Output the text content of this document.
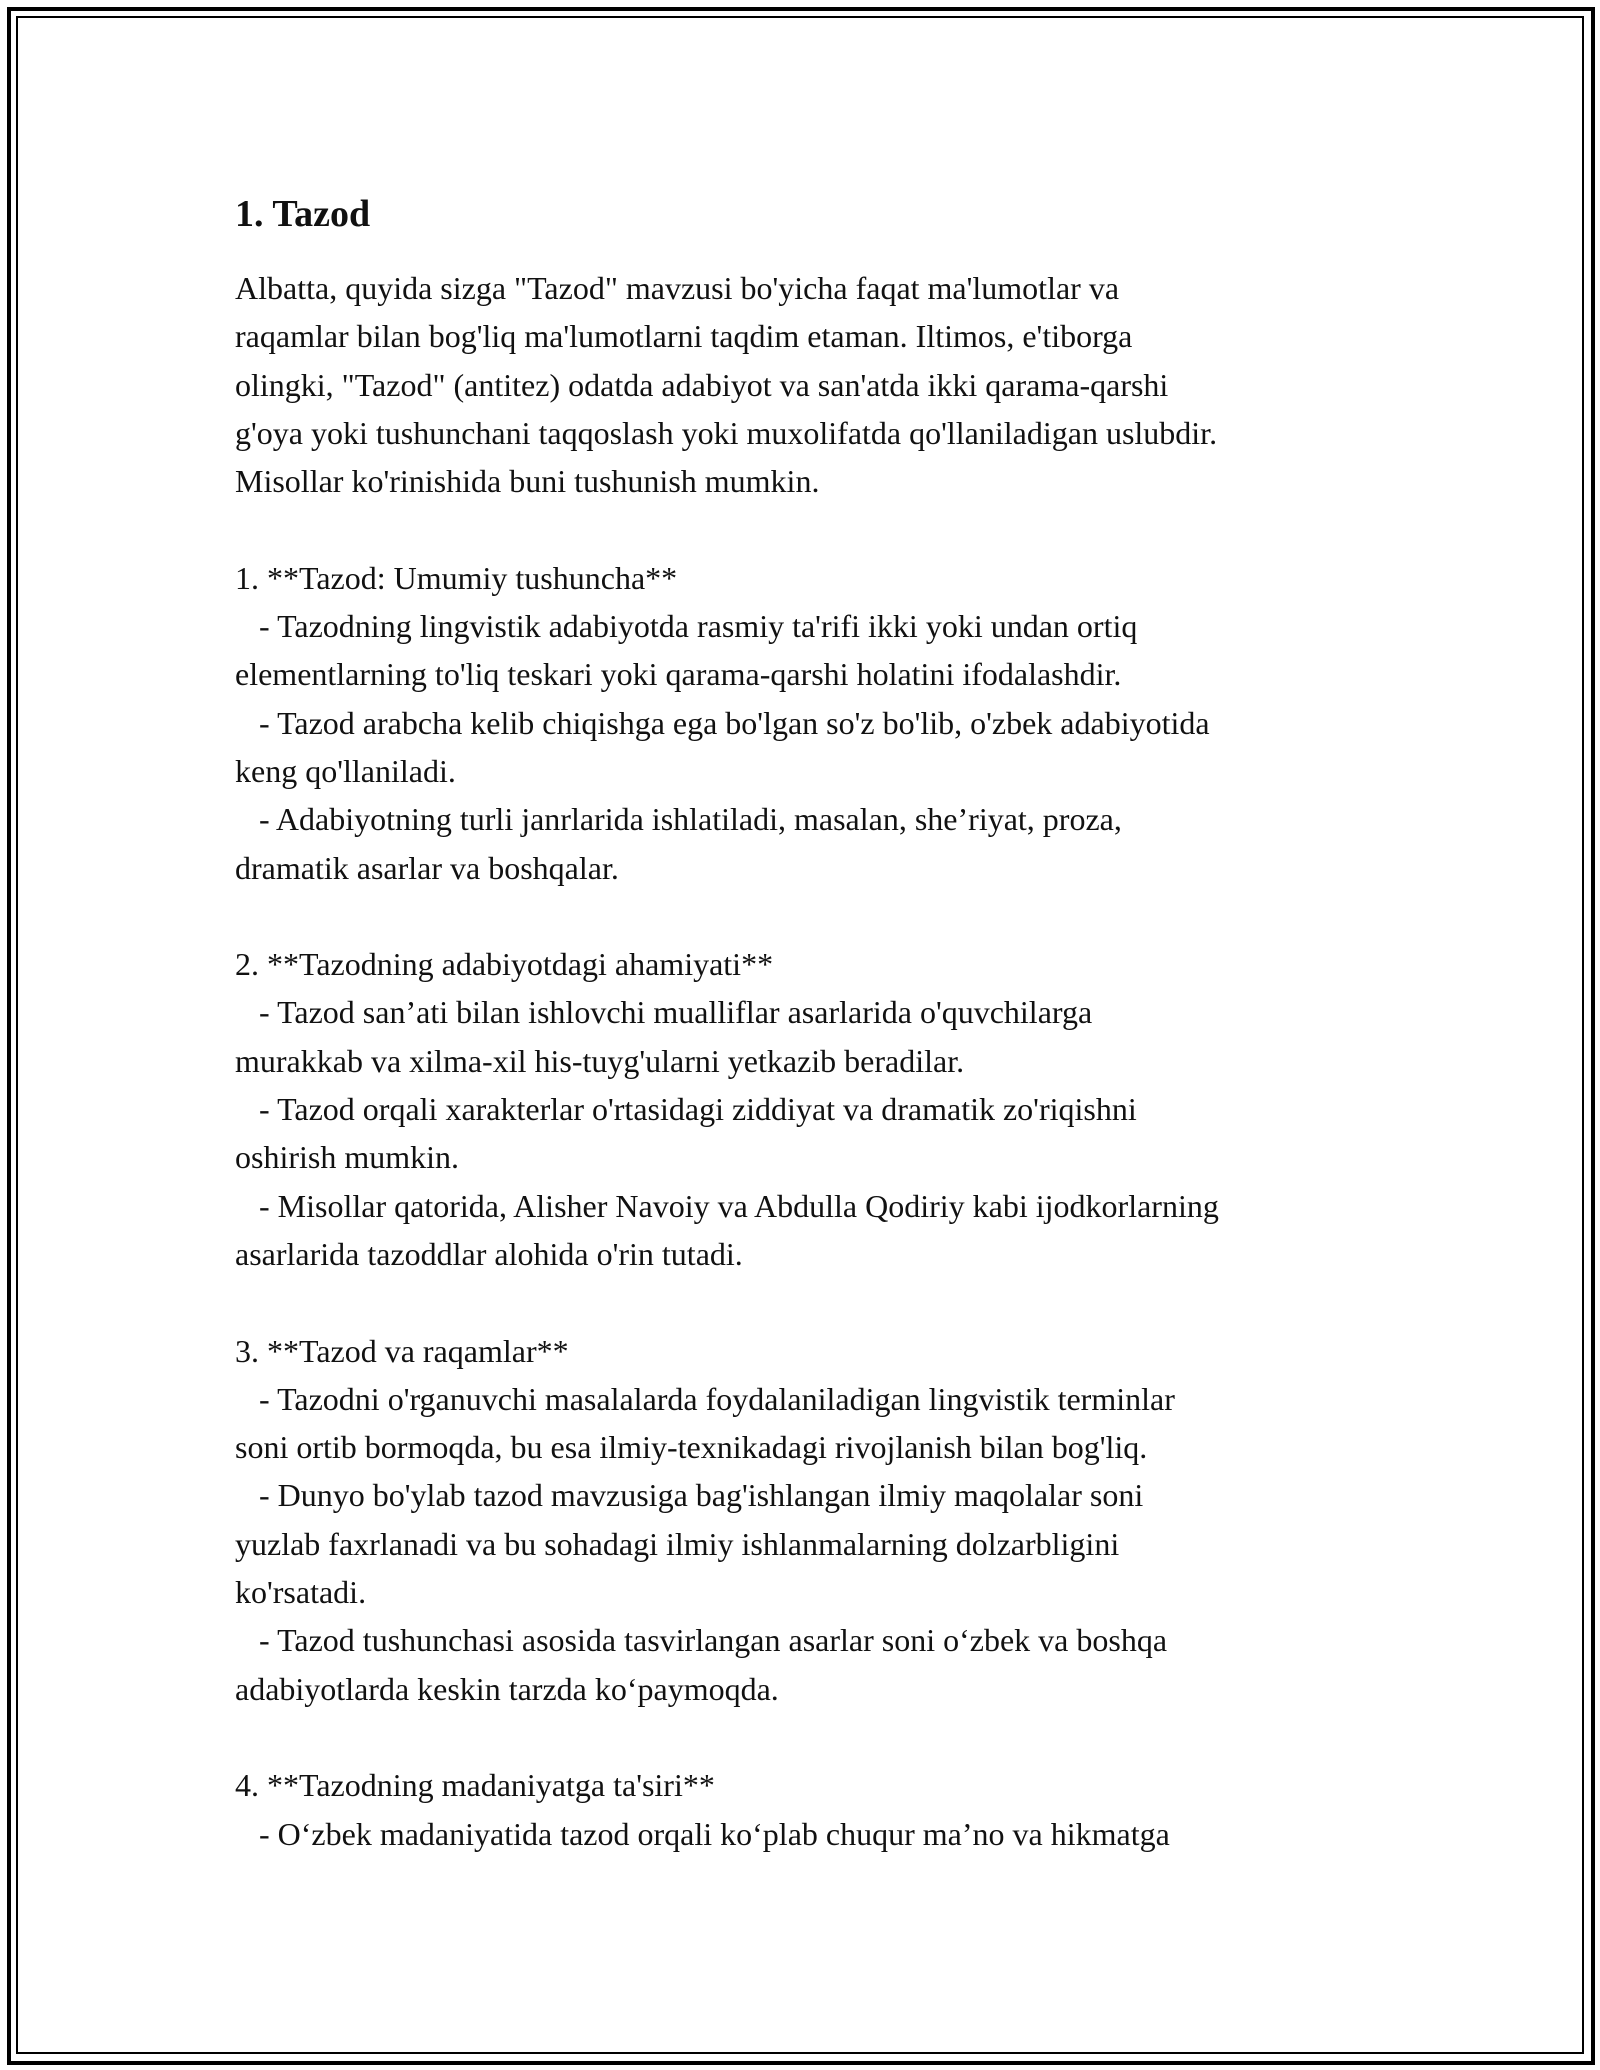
1. Tazod
Albatta, quyida sizga "Tazod" mavzusi bo'yicha faqat ma'lumotlar va
raqamlar bilan bog'liq ma'lumotlarni taqdim etaman. Iltimos, e'tiborga
olingki, "Tazod" (antitez) odatda adabiyot va san'atda ikki qarama-qarshi
g'oya yoki tushunchani taqqoslash yoki muxolifatda qo'llaniladigan uslubdir.
Misollar ko'rinishida buni tushunish mumkin.
1. **Tazod: Umumiy tushuncha**
- Tazodning lingvistik adabiyotda rasmiy ta'rifi ikki yoki undan ortiq
elementlarning to'liq teskari yoki qarama-qarshi holatini ifodalashdir.
- Tazod arabcha kelib chiqishga ega bo'lgan so'z bo'lib, o'zbek adabiyotida
keng qo'llaniladi.
- Adabiyotning turli janrlarida ishlatiladi, masalan, she’riyat, proza,
dramatik asarlar va boshqalar.
2. **Tazodning adabiyotdagi ahamiyati**
- Tazod san’ati bilan ishlovchi mualliflar asarlarida o'quvchilarga
murakkab va xilma-xil his-tuyg'ularni yetkazib beradilar.
- Tazod orqali xarakterlar o'rtasidagi ziddiyat va dramatik zo'riqishni
oshirish mumkin.
- Misollar qatorida, Alisher Navoiy va Abdulla Qodiriy kabi ijodkorlarning
asarlarida tazoddlar alohida o'rin tutadi.
3. **Tazod va raqamlar**
- Tazodni o'rganuvchi masalalarda foydalaniladigan lingvistik terminlar
soni ortib bormoqda, bu esa ilmiy-texnikadagi rivojlanish bilan bog'liq.
- Dunyo bo'ylab tazod mavzusiga bag'ishlangan ilmiy maqolalar soni
yuzlab faxrlanadi va bu sohadagi ilmiy ishlanmalarning dolzarbligini
ko'rsatadi.
- Tazod tushunchasi asosida tasvirlangan asarlar soni o‘zbek va boshqa
adabiyotlarda keskin tarzda ko‘paymoqda.
4. **Tazodning madaniyatga ta'siri**
- O‘zbek madaniyatida tazod orqali ko‘plab chuqur ma’no va hikmatga
